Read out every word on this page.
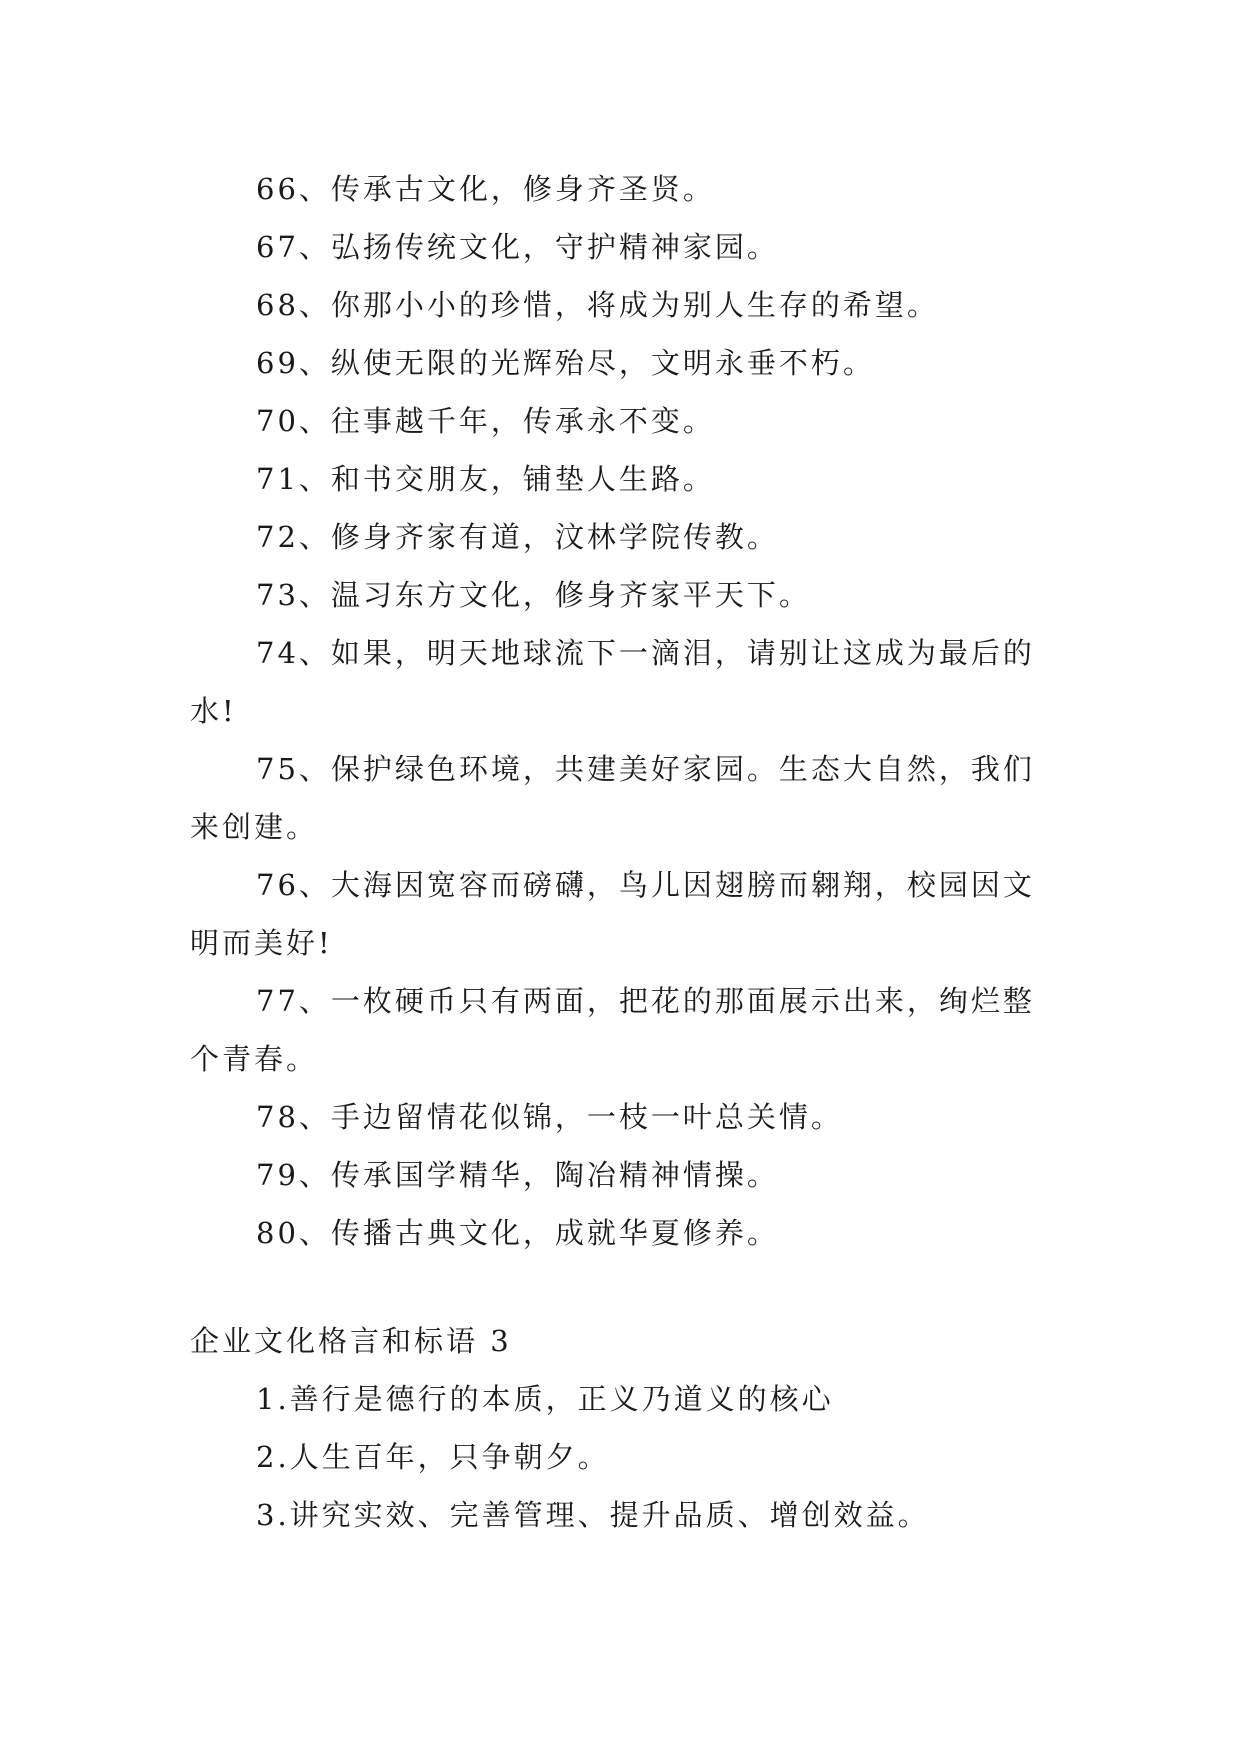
66、传承古文化，修身齐圣贤。

67、弘扬传统文化，守护精神家园。

68、你那小小的珍惜，将成为别人生存的希望。

69、纵使无限的光辉殆尽，文明永垂不朽。

70、往事越千年，传承永不变。

71、和书交朋友，铺垫人生路。

72、修身齐家有道，汶林学院传教。

73、温习东方文化，修身齐家平天下。

74、如果，明天地球流下一滴泪，请别让这成为最后的水!

75、保护绿色环境，共建美好家园。生态大自然，我们来创建。

76、大海因宽容而磅礴，鸟儿因翅膀而翱翔，校园因文明而美好!

77、一枚硬币只有两面，把花的那面展示出来，绚烂整个青春。

78、手边留情花似锦，一枝一叶总关情。

79、传承国学精华，陶冶精神情操。

80、传播古典文化，成就华夏修养。

企业文化格言和标语 3

1.善行是德行的本质，正义乃道义的核心

2.人生百年，只争朝夕。

3.讲究实效、完善管理、提升品质、增创效益。
